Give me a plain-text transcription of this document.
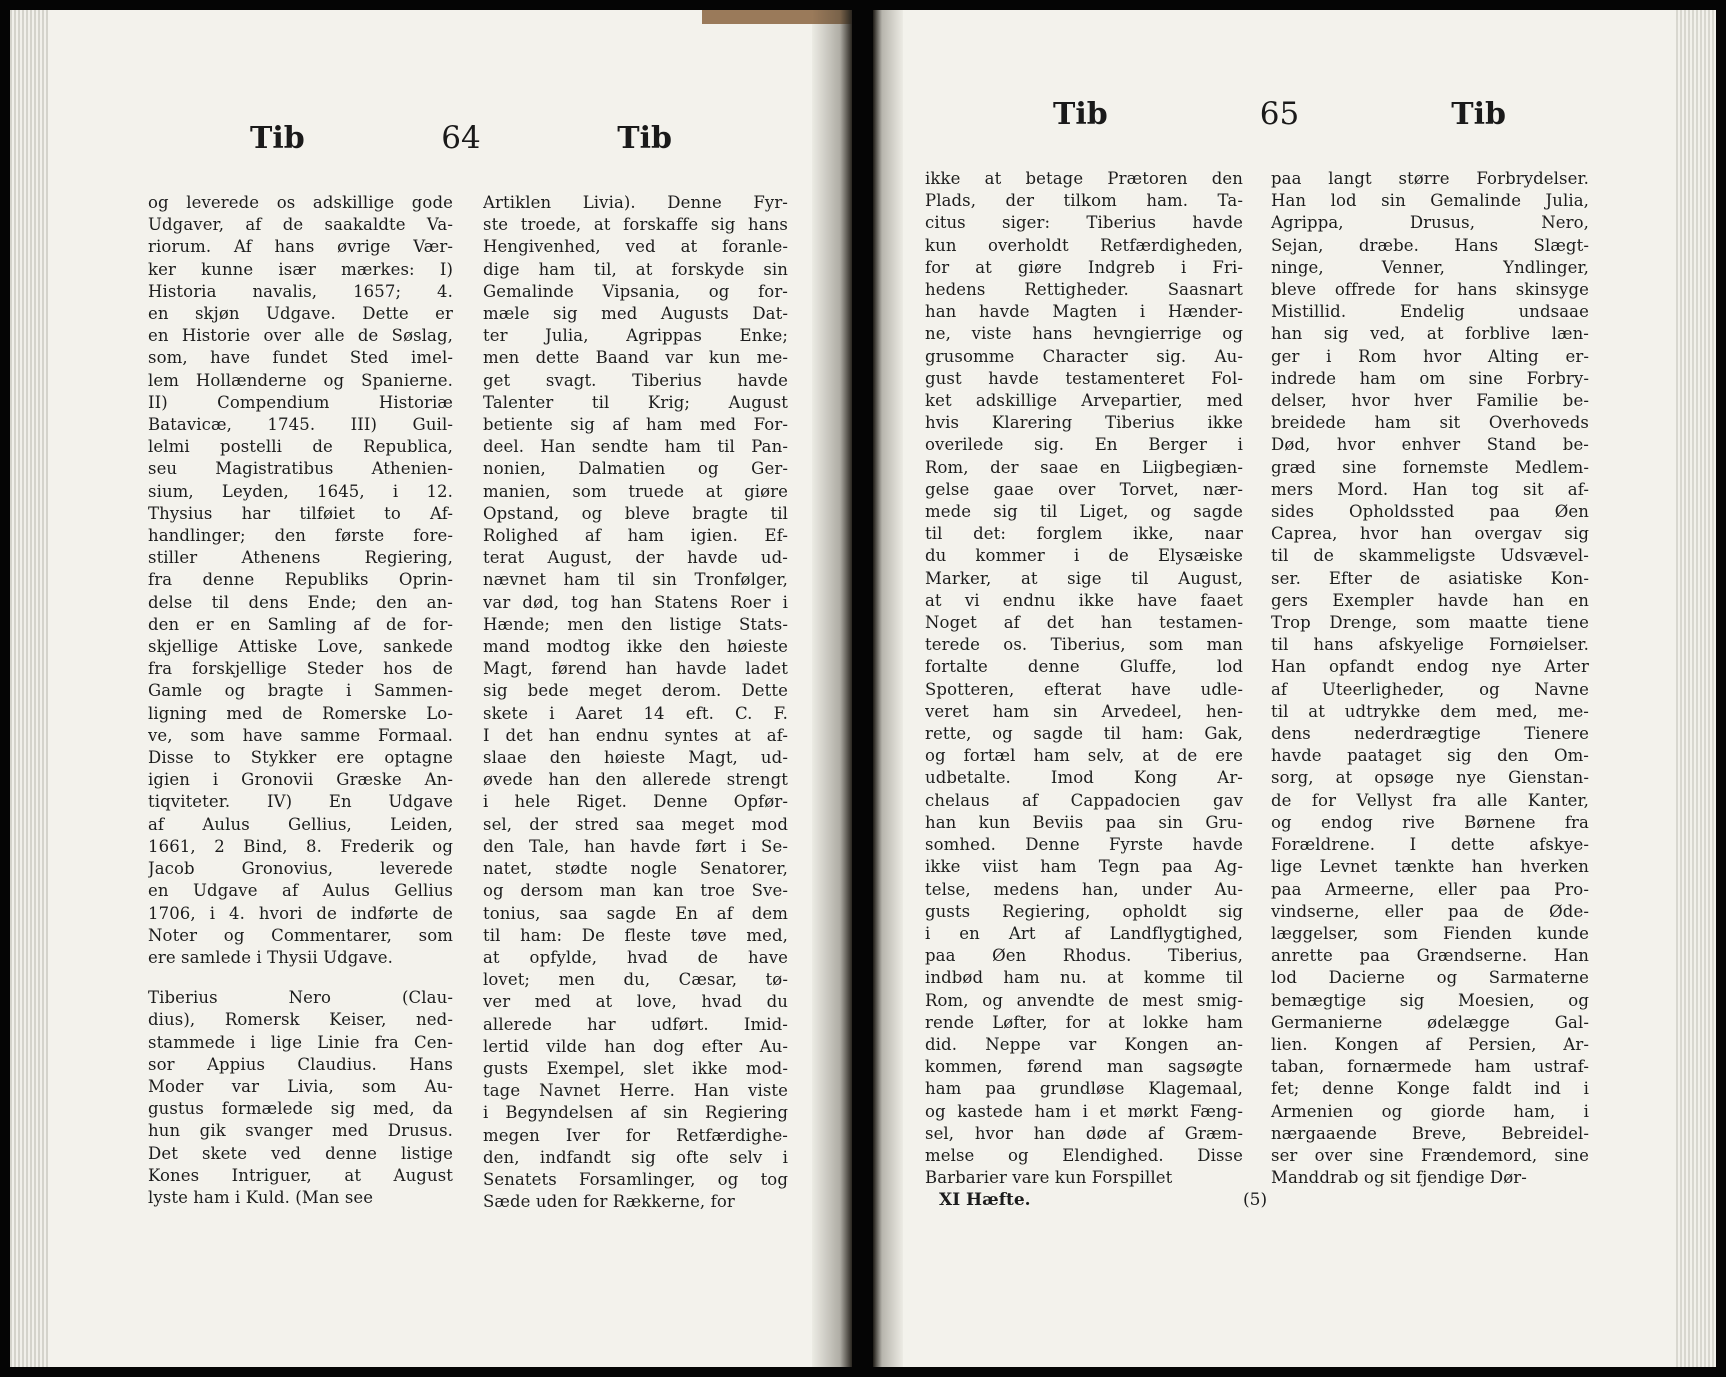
Tib	64	Tib
og leverede os adskillige gode
Udgaver, af de saakaldte Va-
riorum. Af hans øvrige Vær-
ker kunne især mærkes: I)
Historia navalis, 1657; 4.
en skjøn Udgave. Dette er
en Historie over alle de Søslag,
som, have fundet Sted imel-
lem Hollænderne og Spanierne.
II) Compendium Historiæ
Batavicæ, 1745. III) Guil-
lelmi postelli de Republica,
seu Magistratibus Athenien-
sium, Leyden, 1645, i 12.
Thysius har tilføiet to Af-
handlinger; den første fore-
stiller Athenens Regiering,
fra denne Republiks Oprin-
delse til dens Ende; den an-
den er en Samling af de for-
skjellige Attiske Love, sankede
fra forskjellige Steder hos de
Gamle og bragte i Sammen-
ligning med de Romerske Lo-
ve, som have samme Formaal.
Disse to Stykker ere optagne
igien i Gronovii Græske An-
tiqviteter. IV) En Udgave
af Aulus Gellius, Leiden,
1661, 2 Bind, 8. Frederik og
Jacob Gronovius, leverede
en Udgave af Aulus Gellius
1706, i 4. hvori de indførte de
Noter og Commentarer, som
ere samlede i Thysii Udgave.
Tiberius Nero (Clau-
dius), Romersk Keiser, ned-
stammede i lige Linie fra Cen-
sor Appius Claudius. Hans
Moder var Livia, som Au-
gustus formælede sig med, da
hun gik svanger med Drusus.
Det skete ved denne listige
Kones Intriguer, at August
lyste ham i Kuld. (Man see
Artiklen Livia). Denne Fyr-
ste troede, at forskaffe sig hans
Hengivenhed, ved at foranle-
dige ham til, at forskyde sin
Gemalinde Vipsania, og for-
mæle sig med Augusts Dat-
ter Julia, Agrippas Enke;
men dette Baand var kun me-
get svagt. Tiberius havde
Talenter til Krig; August
betiente sig af ham med For-
deel. Han sendte ham til Pan-
nonien, Dalmatien og Ger-
manien, som truede at giøre
Opstand, og bleve bragte til
Rolighed af ham igien. Ef-
terat August, der havde ud-
nævnet ham til sin Tronfølger,
var død, tog han Statens Roer i
Hænde; men den listige Stats-
mand modtog ikke den høieste
Magt, førend han havde ladet
sig bede meget derom. Dette
skete i Aaret 14 eft. C. F.
I det han endnu syntes at af-
slaae den høieste Magt, ud-
øvede han den allerede strengt
i hele Riget. Denne Opfør-
sel, der stred saa meget mod
den Tale, han havde ført i Se-
natet, stødte nogle Senatorer,
og dersom man kan troe Sve-
tonius, saa sagde En af dem
til ham: De fleste tøve med,
at opfylde, hvad de have
lovet; men du, Cæsar, tø-
ver med at love, hvad du
allerede har udført. Imid-
lertid vilde han dog efter Au-
gusts Exempel, slet ikke mod-
tage Navnet Herre. Han viste
i Begyndelsen af sin Regiering
megen Iver for Retfærdighe-
den, indfandt sig ofte selv i
Senatets Forsamlinger, og tog
Sæde uden for Rækkerne, for
Tib	65	Tib
ikke at betage Prætoren den
Plads, der tilkom ham. Ta-
citus siger: Tiberius havde
kun overholdt Retfærdigheden,
for at giøre Indgreb i Fri-
hedens Rettigheder. Saasnart
han havde Magten i Hænder-
ne, viste hans hevngierrige og
grusomme Character sig. Au-
gust havde testamenteret Fol-
ket adskillige Arvepartier, med
hvis Klarering Tiberius ikke
overilede sig. En Berger i
Rom, der saae en Liigbegiæn-
gelse gaae over Torvet, nær-
mede sig til Liget, og sagde
til det: forglem ikke, naar
du kommer i de Elysæiske
Marker, at sige til August,
at vi endnu ikke have faaet
Noget af det han testamen-
terede os. Tiberius, som man
fortalte denne Gluffe, lod
Spotteren, efterat have udle-
veret ham sin Arvedeel, hen-
rette, og sagde til ham: Gak,
og fortæl ham selv, at de ere
udbetalte. Imod Kong Ar-
chelaus af Cappadocien gav
han kun Beviis paa sin Gru-
somhed. Denne Fyrste havde
ikke viist ham Tegn paa Ag-
telse, medens han, under Au-
gusts Regiering, opholdt sig
i en Art af Landflygtighed,
paa Øen Rhodus. Tiberius,
indbød ham nu. at komme til
Rom, og anvendte de mest smig-
rende Løfter, for at lokke ham
did. Neppe var Kongen an-
kommen, førend man sagsøgte
ham paa grundløse Klagemaal,
og kastede ham i et mørkt Fæng-
sel, hvor han døde af Græm-
melse og Elendighed. Disse
Barbarier vare kun Forspillet
paa langt større Forbrydelser.
Han lod sin Gemalinde Julia,
Agrippa, Drusus, Nero,
Sejan, dræbe. Hans Slægt-
ninge, Venner, Yndlinger,
bleve offrede for hans skinsyge
Mistillid. Endelig undsaae
han sig ved, at forblive læn-
ger i Rom hvor Alting er-
indrede ham om sine Forbry-
delser, hvor hver Familie be-
breidede ham sit Overhoveds
Død, hvor enhver Stand be-
græd sine fornemste Medlem-
mers Mord. Han tog sit af-
sides Opholdssted paa Øen
Caprea, hvor han overgav sig
til de skammeligste Udsvævel-
ser. Efter de asiatiske Kon-
gers Exempler havde han en
Trop Drenge, som maatte tiene
til hans afskyelige Fornøielser.
Han opfandt endog nye Arter
af Uteerligheder, og Navne
til at udtrykke dem med, me-
dens nederdrægtige Tienere
havde paataget sig den Om-
sorg, at opsøge nye Gienstan-
de for Vellyst fra alle Kanter,
og endog rive Børnene fra
Forældrene. I dette afskye-
lige Levnet tænkte han hverken
paa Armeerne, eller paa Pro-
vindserne, eller paa de Øde-
læggelser, som Fienden kunde
anrette paa Grændserne. Han
lod Dacierne og Sarmaterne
bemægtige sig Moesien, og
Germanierne ødelægge Gal-
lien. Kongen af Persien, Ar-
taban, fornærmede ham ustraf-
fet; denne Konge faldt ind i
Armenien og giorde ham, i
nærgaaende Breve, Bebreidel-
ser over sine Frændemord, sine
Manddrab og sit fjendige Dør-
XI Hæfte.	(5)
